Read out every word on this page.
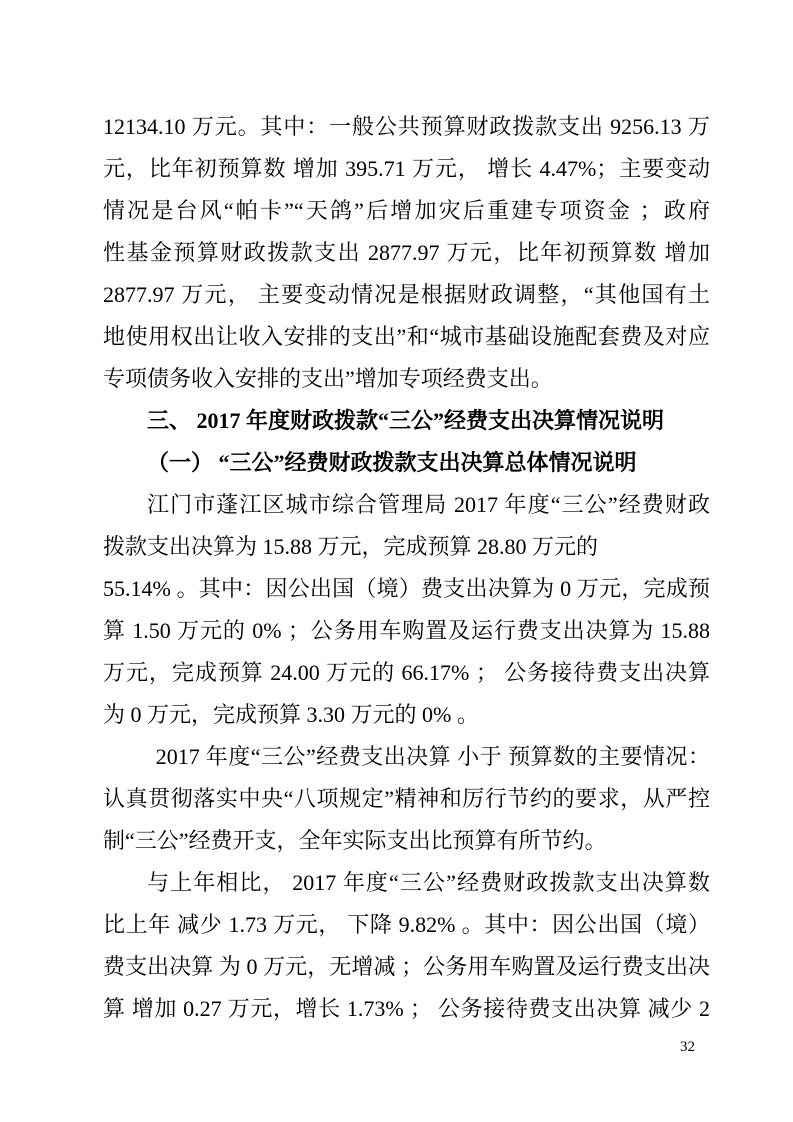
12134.10 万元。其中：一般公共预算财政拨款支出 9256.13 万
元，比年初预算数 增加 395.71 万元， 增长 4.47%；主要变动
情况是台风“帕卡”“天鸽”后增加灾后重建专项资金 ；政府
性基金预算财政拨款支出 2877.97 万元，比年初预算数 增加
2877.97 万元， 主要变动情况是根据财政调整，“其他国有土
地使用权出让收入安排的支出”和“城市基础设施配套费及对应
专项债务收入安排的支出”增加专项经费支出。
三、 2017 年度财政拨款“三公”经费支出决算情况说明
（一） “三公”经费财政拨款支出决算总体情况说明
江门市蓬江区城市综合管理局 2017 年度“三公”经费财政
拨款支出决算为 15.88 万元，完成预算 28.80 万元的
55.14% 。其中：因公出国（境）费支出决算为 0 万元，完成预
算 1.50 万元的 0% ；公务用车购置及运行费支出决算为 15.88
万元，完成预算 24.00 万元的 66.17% ； 公务接待费支出决算
为 0 万元，完成预算 3.30 万元的 0% 。
2017 年度“三公”经费支出决算 小于 预算数的主要情况：
认真贯彻落实中央“八项规定”精神和厉行节约的要求，从严控
制“三公”经费开支，全年实际支出比预算有所节约。
与上年相比， 2017 年度“三公”经费财政拨款支出决算数
比上年 减少 1.73 万元， 下降 9.82% 。其中：因公出国（境）
费支出决算 为 0 万元，无增减 ；公务用车购置及运行费支出决
算 增加 0.27 万元，增长 1.73% ； 公务接待费支出决算 减少 2
32
